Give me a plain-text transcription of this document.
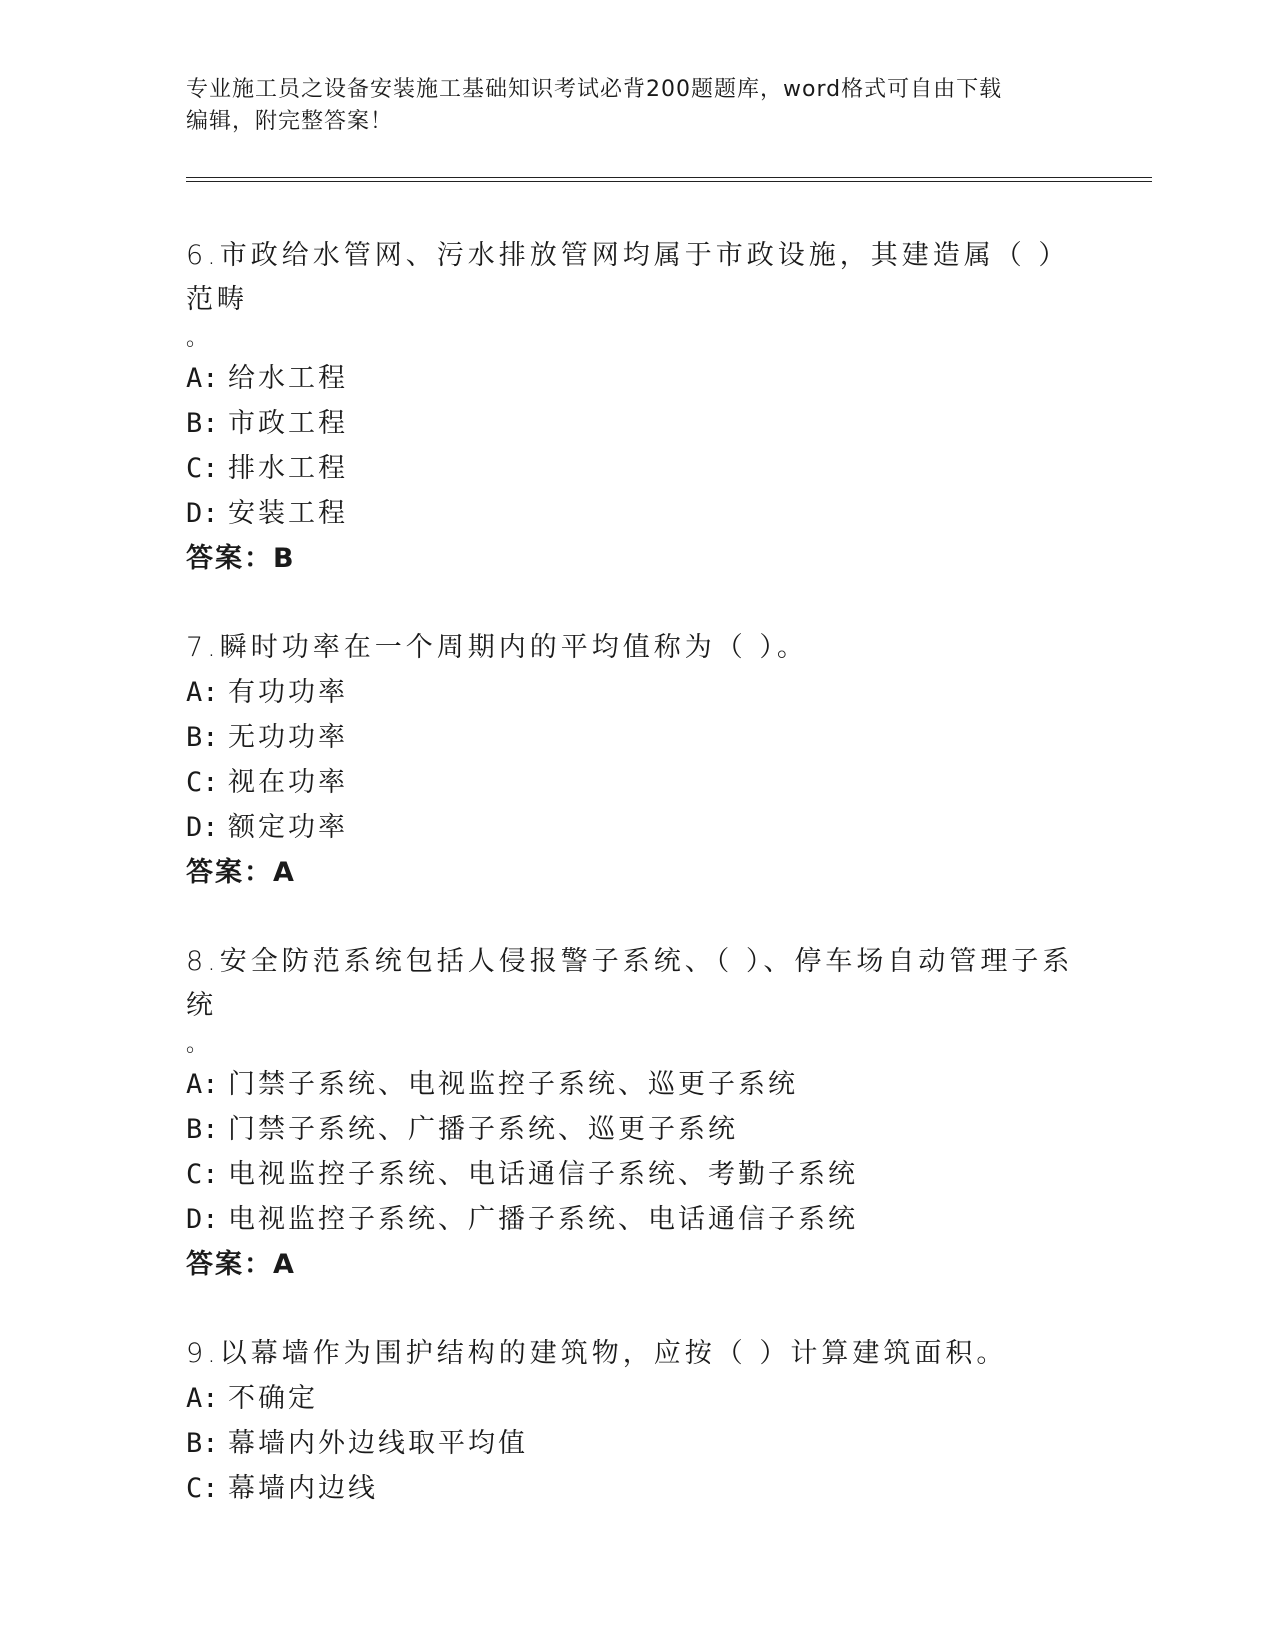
专业施工员之设备安装施工基础知识考试必背200题题库，word格式可自由下载
编辑，附完整答案！
6.市政给水管网、污水排放管网均属于市政设施，其建造属（ ）范畴
。
A: 给水工程
B: 市政工程
C: 排水工程
D: 安装工程
答案：B
7.瞬时功率在一个周期内的平均值称为（ ）。
A: 有功功率
B: 无功功率
C: 视在功率
D: 额定功率
答案：A
8.安全防范系统包括人侵报警子系统、（ ）、停车场自动管理子系统
。
A: 门禁子系统、电视监控子系统、巡更子系统
B: 门禁子系统、广播子系统、巡更子系统
C: 电视监控子系统、电话通信子系统、考勤子系统
D: 电视监控子系统、广播子系统、电话通信子系统
答案：A
9.以幕墙作为围护结构的建筑物，应按（ ）计算建筑面积。
A: 不确定
B: 幕墙内外边线取平均值
C: 幕墙内边线
